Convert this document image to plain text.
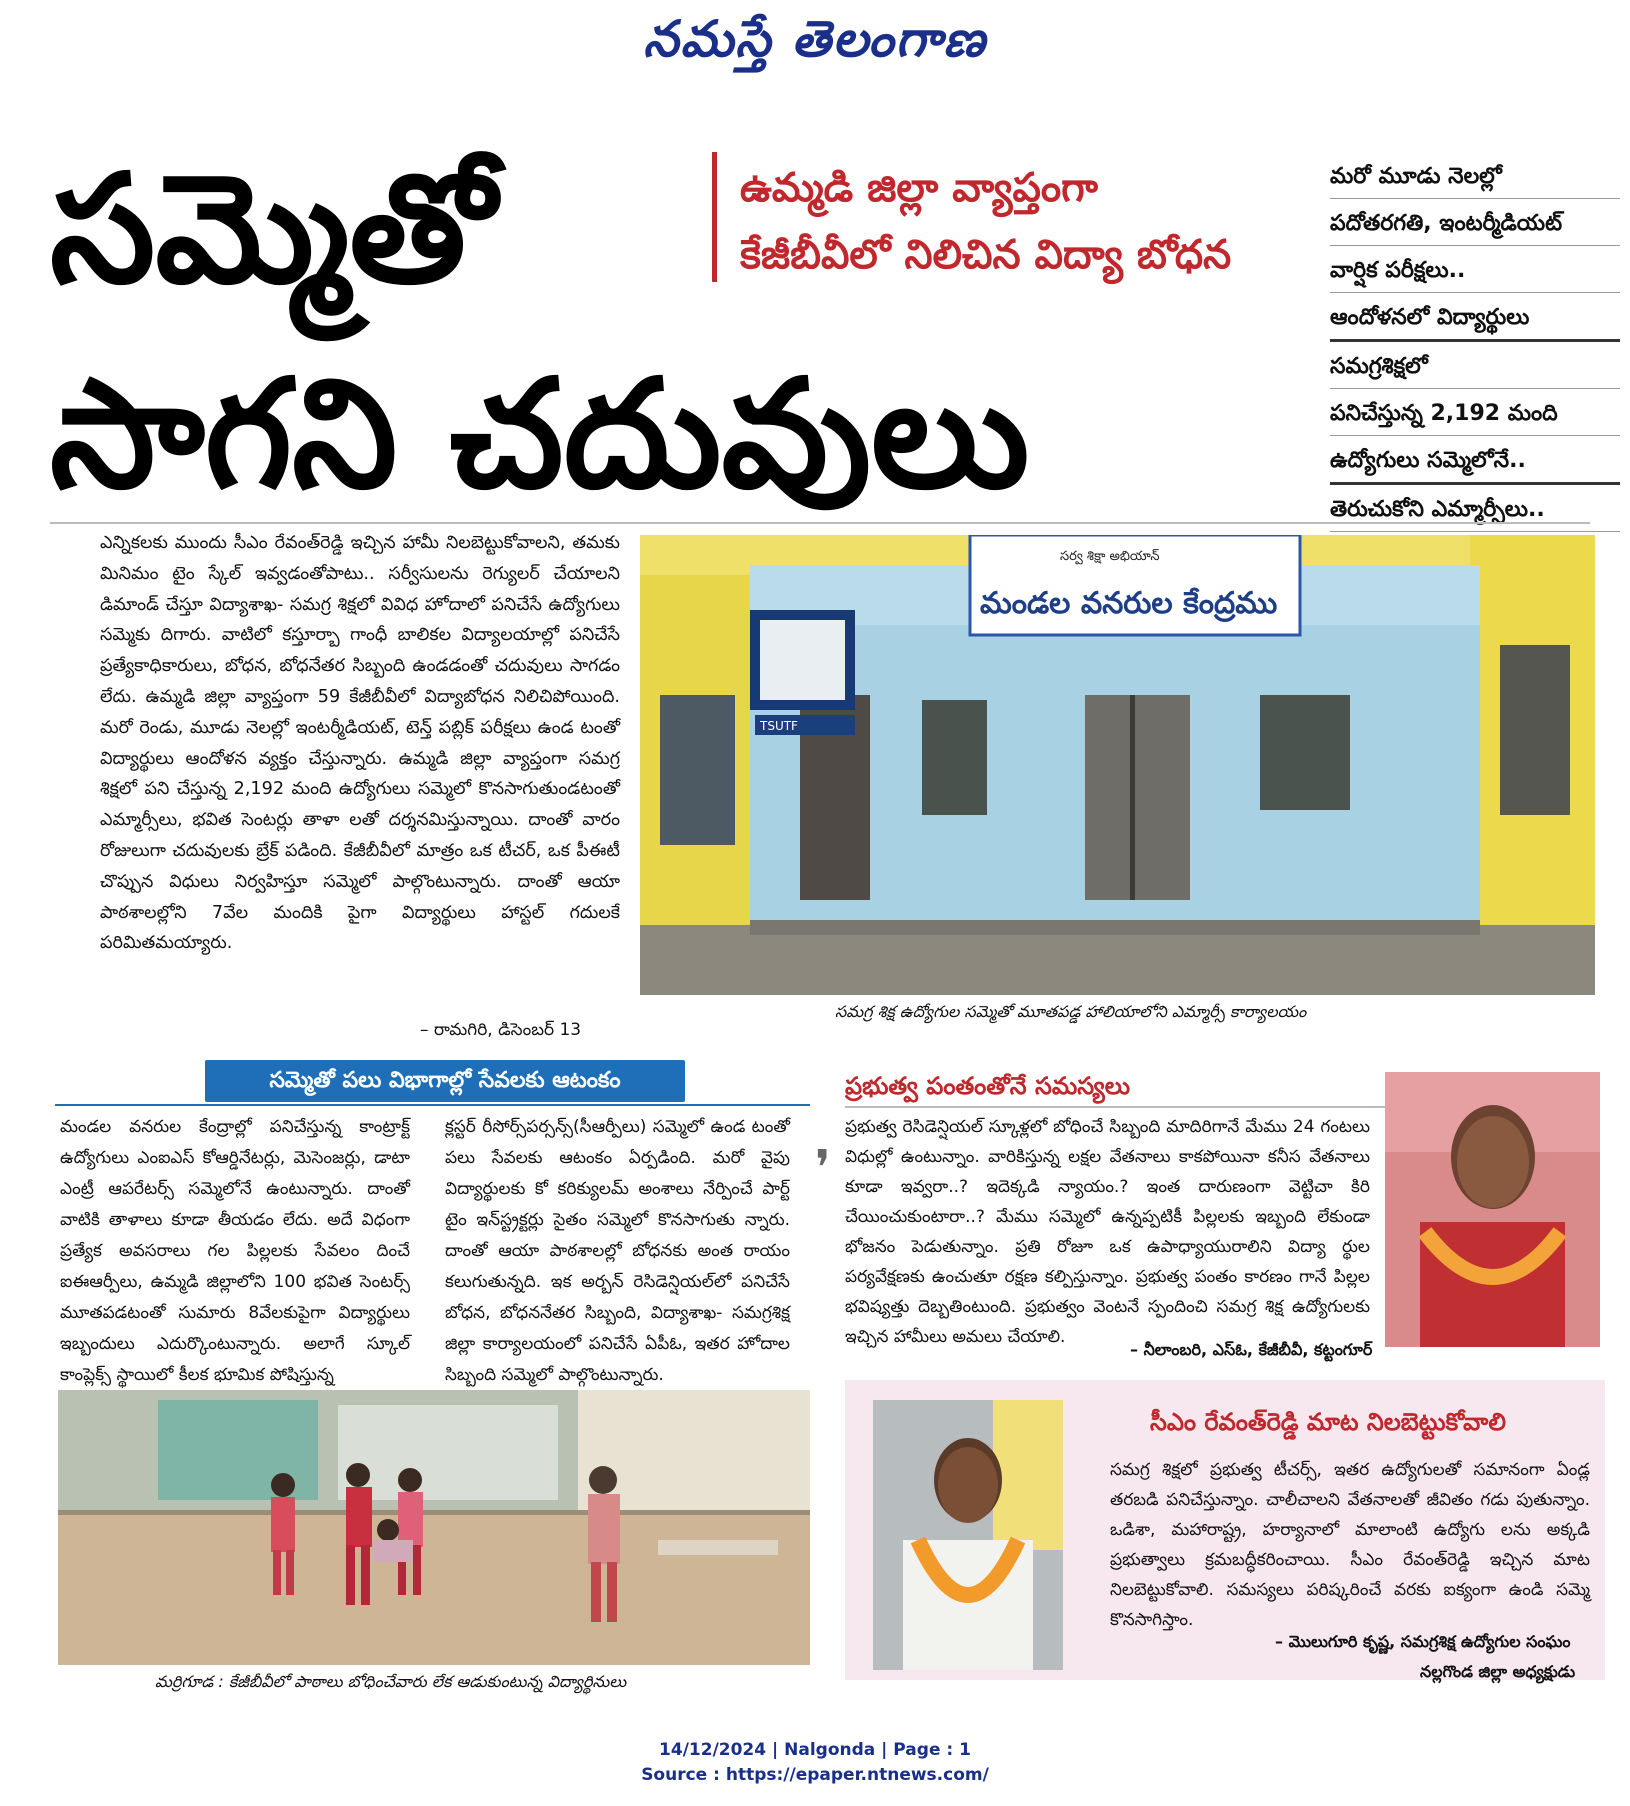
నమస్తే తెలంగాణ
సమ్మెతో
సాగని చదువులు
ఉమ్మడి జిల్లా వ్యాప్తంగా
కేజీబీవీలో నిలిచిన విద్యా బోధన
మరో మూడు నెలల్లో
పదోతరగతి, ఇంటర్మీడియట్
వార్షిక పరీక్షలు..
ఆందోళనలో విద్యార్థులు
సమగ్రశిక్షలో
పనిచేస్తున్న 2,192 మంది
ఉద్యోగులు సమ్మెలోనే..
తెరుచుకోని ఎమ్మార్సీలు..
ఎన్నికలకు ముందు సీఎం రేవంత్‌రెడ్డి ఇచ్చిన హామీ నిలబెట్టుకోవాలని, తమకు మినిమం టైం స్కేల్ ఇవ్వడంతోపాటు.. సర్వీసులను రెగ్యులర్ చేయాలని డిమాండ్ చేస్తూ విద్యాశాఖ- సమగ్ర శిక్షలో వివిధ హోదాలో పనిచేసే ఉద్యోగులు సమ్మెకు దిగారు. వాటిలో కస్తూర్బా గాంధీ బాలికల విద్యాలయాల్లో పనిచేసే ప్రత్యేకాధికారులు, బోధన, బోధనేతర సిబ్బంది ఉండడంతో చదువులు సాగడం లేదు. ఉమ్మడి జిల్లా వ్యాప్తంగా 59 కేజీబీవీలో విద్యాబోధన నిలిచిపోయింది. మరో రెండు, మూడు నెలల్లో ఇంటర్మీడియట్, టెన్త్ పబ్లిక్ పరీక్షలు ఉండ టంతో విద్యార్థులు ఆందోళన వ్యక్తం చేస్తున్నారు. ఉమ్మడి జిల్లా వ్యాప్తంగా సమగ్ర శిక్షలో పని చేస్తున్న 2,192 మంది ఉద్యోగులు సమ్మెలో కొనసాగుతుండటంతో ఎమ్మార్సీలు, భవిత సెంటర్లు తాళా లతో దర్శనమిస్తున్నాయి. దాంతో వారం రోజులుగా చదువులకు బ్రేక్ పడింది. కేజీబీవీలో మాత్రం ఒక టీచర్, ఒక పీఈటీ చొప్పున విధులు నిర్వహిస్తూ సమ్మెలో పాల్గొంటున్నారు. దాంతో ఆయా పాఠశాలల్లోని 7వేల మందికి పైగా విద్యార్థులు హాస్టల్ గదులకే పరిమితమయ్యారు.
– రామగిరి, డిసెంబర్ 13
TSUTF
సర్వ శిక్షా అభియాన్
మండల వనరుల కేంద్రము
సమగ్ర శిక్ష ఉద్యోగుల సమ్మెతో మూతపడ్డ హాలియాలోని ఎమ్మార్సీ కార్యాలయం
సమ్మెతో పలు విభాగాల్లో సేవలకు ఆటంకం
మండల వనరుల కేంద్రాల్లో పనిచేస్తున్న కాంట్రాక్ట్ ఉద్యోగులు ఎంఐఎస్ కోఆర్డినేటర్లు, మెసెంజర్లు, డాటా ఎంట్రీ ఆపరేటర్స్ సమ్మెలోనే ఉంటున్నారు. దాంతో వాటికి తాళాలు కూడా తీయడం లేదు. అదే విధంగా ప్రత్యేక అవసరాలు గల పిల్లలకు సేవలం దించే ఐఈఆర్పీలు, ఉమ్మడి జిల్లాలోని 100 భవిత సెంటర్స్ మూతపడటంతో సుమారు 8వేలకుపైగా విద్యార్థులు ఇబ్బందులు ఎదుర్కొంటున్నారు. అలాగే స్కూల్ కాంప్లెక్స్ స్థాయిలో కీలక భూమిక పోషిస్తున్న
క్లస్టర్ రీసోర్స్‌పర్సన్స్(సీఆర్పీలు) సమ్మెలో ఉండ టంతో పలు సేవలకు ఆటంకం ఏర్పడింది. మరో వైపు విద్యార్థులకు కో కరిక్యులమ్ అంశాలు నేర్పించే పార్ట్ టైం ఇన్‌స్ట్రక్టర్లు సైతం సమ్మెలో కొనసాగుతు న్నారు. దాంతో ఆయా పాఠశాలల్లో బోధనకు అంత రాయం కలుగుతున్నది. ఇక అర్బన్ రెసిడెన్షియల్‌లో పనిచేసే బోధన, బోధననేతర సిబ్బంది, విద్యాశాఖ- సమగ్రశిక్ష జిల్లా కార్యాలయంలో పనిచేసే ఏపీఓ, ఇతర హోదాల సిబ్బంది సమ్మెలో పాల్గొంటున్నారు.
❜
మర్రిగూడ : కేజీబీవీలో పాఠాలు బోధించేవారు లేక ఆడుకుంటున్న విద్యార్థినులు
ప్రభుత్వ పంతంతోనే సమస్యలు
ప్రభుత్వ రెసిడెన్షియల్ స్కూళ్లలో బోధించే సిబ్బంది మాదిరిగానే మేము 24 గంటలు విధుల్లో ఉంటున్నాం. వారికిస్తున్న లక్షల వేతనాలు కాకపోయినా కనీస వేతనాలు కూడా ఇవ్వరా..? ఇదెక్కడి న్యాయం.? ఇంత దారుణంగా వెట్టిచా కిరి చేయించుకుంటారా..? మేము సమ్మెలో ఉన్నప్పటికీ పిల్లలకు ఇబ్బంది లేకుండా భోజనం పెడుతున్నాం. ప్రతి రోజూ ఒక ఉపాధ్యాయురాలిని విద్యా ర్థుల పర్యవేక్షణకు ఉంచుతూ రక్షణ కల్పిస్తున్నాం. ప్రభుత్వ పంతం కారణం గానే పిల్లల భవిష్యత్తు దెబ్బతింటుంది. ప్రభుత్వం వెంటనే స్పందించి సమగ్ర శిక్ష ఉద్యోగులకు ఇచ్చిన హామీలు అమలు చేయాలి.
– నీలాంబరి, ఎస్ఓ, కేజీబీవీ, కట్టంగూర్
సీఎం రేవంత్‌రెడ్డి మాట నిలబెట్టుకోవాలి
సమగ్ర శిక్షలో ప్రభుత్వ టీచర్స్, ఇతర ఉద్యోగులతో సమానంగా ఏండ్ల తరబడి పనిచేస్తున్నాం. చాలీచాలని వేతనాలతో జీవితం గడు పుతున్నాం. ఒడిశా, మహారాష్ట్ర, హర్యానాలో మాలాంటి ఉద్యోగు లను అక్కడి ప్రభుత్వాలు క్రమబద్ధీకరించాయి. సీఎం రేవంత్‌రెడ్డి ఇచ్చిన మాట నిలబెట్టుకోవాలి. సమస్యలు పరిష్కరించే వరకు ఐక్యంగా ఉండి సమ్మె కొనసాగిస్తాం.
– మొలుగూరి కృష్ణ, సమగ్రశిక్ష ఉద్యోగుల సంఘం
నల్లగొండ జిల్లా అధ్యక్షుడు
14/12/2024 | Nalgonda | Page : 1
Source : https://epaper.ntnews.com/
